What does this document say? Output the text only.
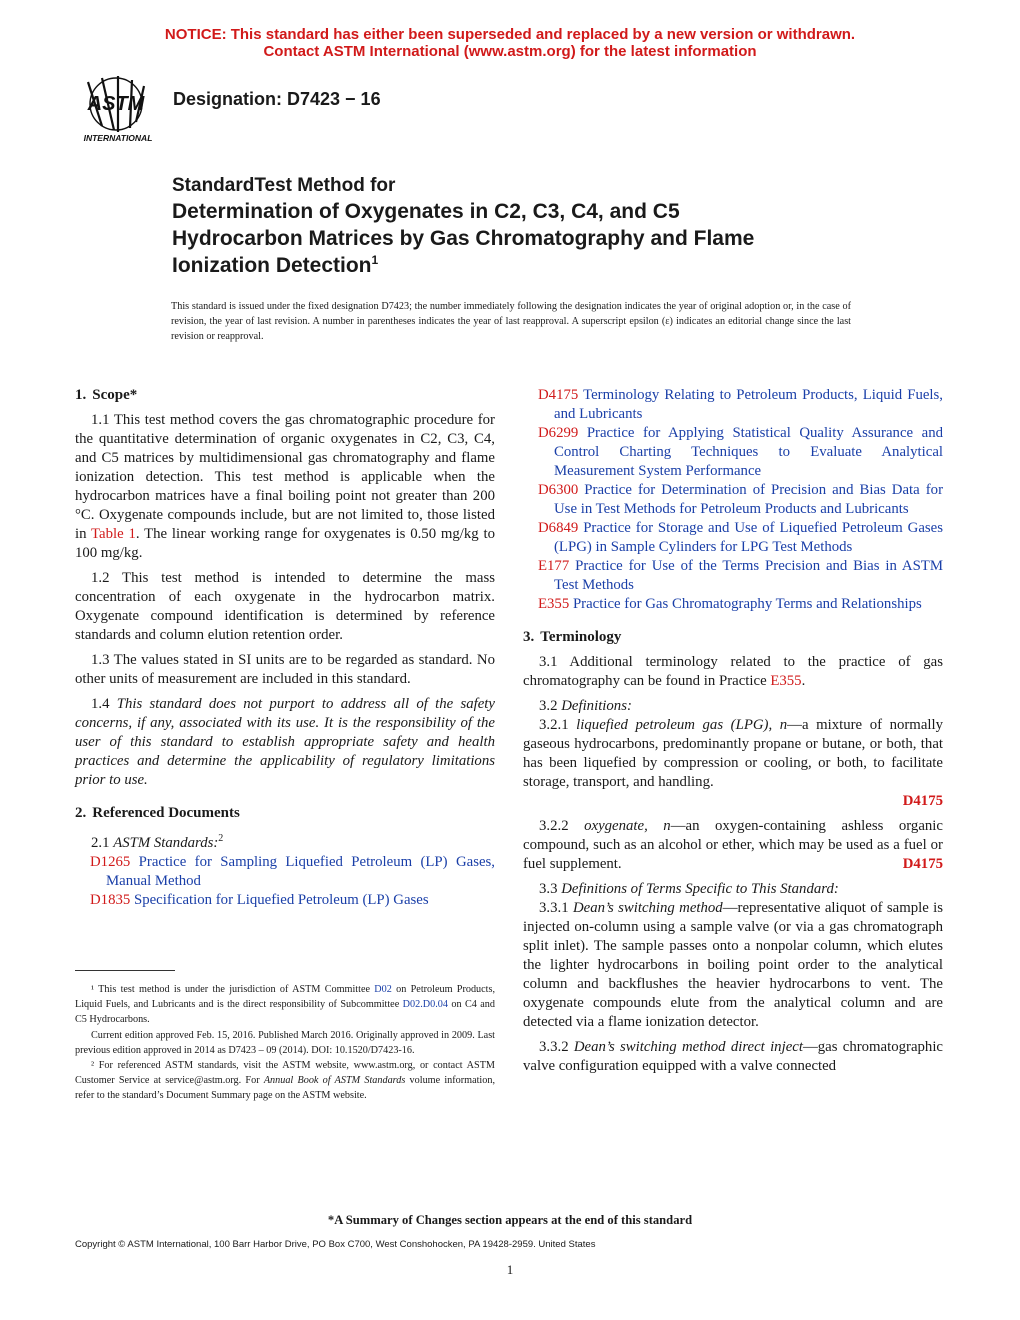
NOTICE: This standard has either been superseded and replaced by a new version or withdrawn.
Contact ASTM International (www.astm.org) for the latest information
ASTM
INTERNATIONAL
Designation: D7423 − 16
StandardTest Method for
Determination of Oxygenates in C2, C3, C4, and C5
Hydrocarbon Matrices by Gas Chromatography and Flame
Ionization Detection$^1$
This standard is issued under the fixed designation D7423; the number immediately following the designation indicates the year of original adoption or, in the case of revision, the year of last revision. A number in parentheses indicates the year of last reapproval. A superscript epsilon (ε) indicates an editorial change since the last revision or reapproval.
1. Scope*

1.1 This test method covers the gas chromatographic procedure for the quantitative determination of organic oxygenates in C2, C3, C4, and C5 matrices by multidimensional gas chromatography and flame ionization detection. This test method is applicable when the hydrocarbon matrices have a final boiling point not greater than 200 °C. Oxygenate compounds include, but are not limited to, those listed in Table 1. The linear working range for oxygenates is 0.50 mg/kg to 100 mg/kg.

1.2 This test method is intended to determine the mass concentration of each oxygenate in the hydrocarbon matrix. Oxygenate compound identification is determined by reference standards and column elution retention order.

1.3 The values stated in SI units are to be regarded as standard. No other units of measurement are included in this standard.

1.4 This standard does not purport to address all of the safety concerns, if any, associated with its use. It is the responsibility of the user of this standard to establish appropriate safety and health practices and determine the applicability of regulatory limitations prior to use.

2. Referenced Documents

2.1 ASTM Standards:$^2$

D1265 Practice for Sampling Liquefied Petroleum (LP) Gases, Manual Method
D1835 Specification for Liquefied Petroleum (LP) Gases
D4175 Terminology Relating to Petroleum Products, Liquid Fuels, and Lubricants
D6299 Practice for Applying Statistical Quality Assurance and Control Charting Techniques to Evaluate Analytical Measurement System Performance
D6300 Practice for Determination of Precision and Bias Data for Use in Test Methods for Petroleum Products and Lubricants
D6849 Practice for Storage and Use of Liquefied Petroleum Gases (LPG) in Sample Cylinders for LPG Test Methods
E177 Practice for Use of the Terms Precision and Bias in ASTM Test Methods
E355 Practice for Gas Chromatography Terms and Relationships
3. Terminology

3.1 Additional terminology related to the practice of gas chromatography can be found in Practice E355.

3.2 Definitions:

3.2.1 liquefied petroleum gas (LPG), n—a mixture of normally gaseous hydrocarbons, predominantly propane or butane, or both, that has been liquefied by compression or cooling, or both, to facilitate storage, transport, and handling.

D4175

3.2.2 oxygenate, n—an oxygen-containing ashless organic compound, such as an alcohol or ether, which may be used as a fuel or fuel supplement.	D4175

3.3 Definitions of Terms Specific to This Standard:

3.3.1 Dean’s switching method—representative aliquot of sample is injected on-column using a sample valve (or via a gas chromatograph split inlet). The sample passes onto a nonpolar column, which elutes the lighter hydrocarbons in boiling point order to the analytical column and backflushes the heavier hydrocarbons to vent. The oxygenate compounds elute from the analytical column and are detected via a flame ionization detector.

3.3.2 Dean’s switching method direct inject—gas chromatographic valve configuration equipped with a valve connected

¹ This test method is under the jurisdiction of ASTM Committee D02 on Petroleum Products, Liquid Fuels, and Lubricants and is the direct responsibility of Subcommittee D02.D0.04 on C4 and C5 Hydrocarbons.

Current edition approved Feb. 15, 2016. Published March 2016. Originally approved in 2009. Last previous edition approved in 2014 as D7423 – 09 (2014). DOI: 10.1520/D7423-16.

² For referenced ASTM standards, visit the ASTM website, www.astm.org, or contact ASTM Customer Service at service@astm.org. For Annual Book of ASTM Standards volume information, refer to the standard’s Document Summary page on the ASTM website.

*A Summary of Changes section appears at the end of this standard
Copyright © ASTM International, 100 Barr Harbor Drive, PO Box C700, West Conshohocken, PA 19428-2959. United States
1
